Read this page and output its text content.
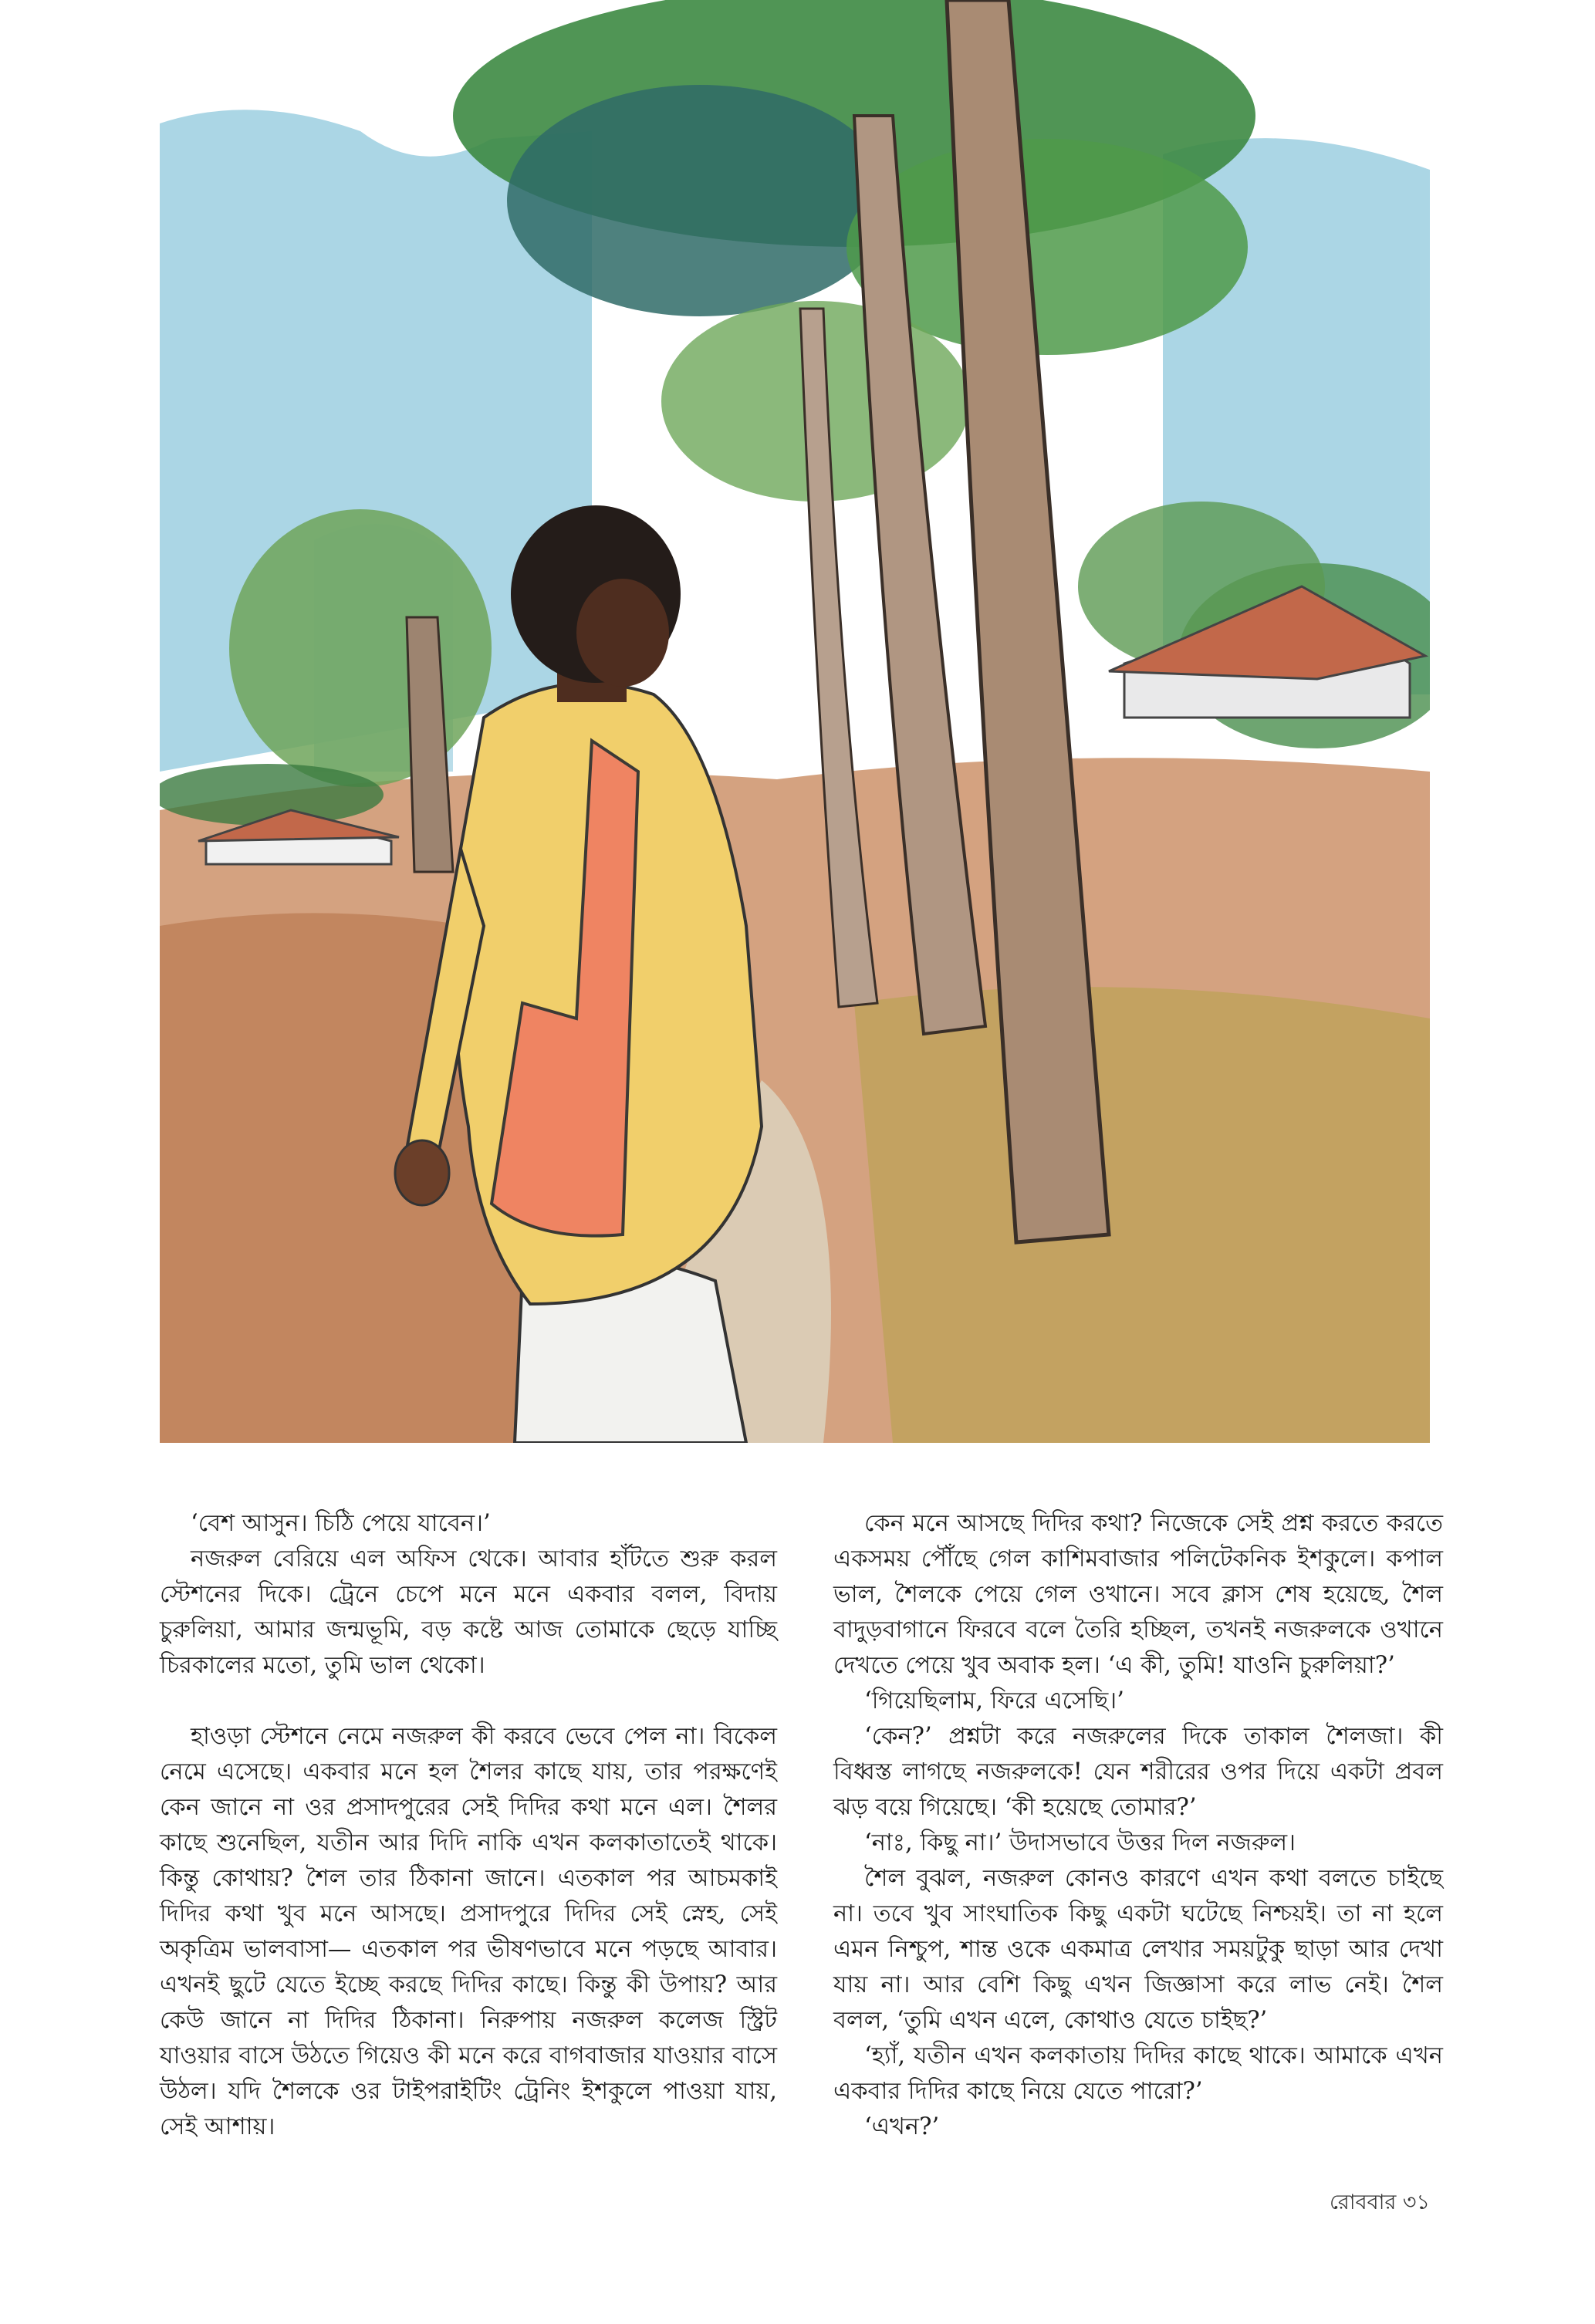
‘বেশ আসুন। চিঠি পেয়ে যাবেন।’

নজরুল বেরিয়ে এল অফিস থেকে। আবার হাঁটতে শুরু করল স্টেশনের দিকে। ট্রেনে চেপে মনে মনে একবার বলল, বিদায় চুরুলিয়া, আমার জন্মভূমি, বড় কষ্টে আজ তোমাকে ছেড়ে যাচ্ছি চিরকালের মতো, তুমি ভাল থেকো।

হাওড়া স্টেশনে নেমে নজরুল কী করবে ভেবে পেল না। বিকেল নেমে এসেছে। একবার মনে হল শৈলর কাছে যায়, তার পরক্ষণেই কেন জানে না ওর প্রসাদপুরের সেই দিদির কথা মনে এল। শৈলর কাছে শুনেছিল, যতীন আর দিদি নাকি এখন কলকাতাতেই থাকে। কিন্তু কোথায়? শৈল তার ঠিকানা জানে। এতকাল পর আচমকাই দিদির কথা খুব মনে আসছে। প্রসাদপুরে দিদির সেই স্নেহ, সেই অকৃত্রিম ভালবাসা— এতকাল পর ভীষণভাবে মনে পড়ছে আবার। এখনই ছুটে যেতে ইচ্ছে করছে দিদির কাছে। কিন্তু কী উপায়? আর কেউ জানে না দিদির ঠিকানা। নিরুপায় নজরুল কলেজ স্ট্রিট যাওয়ার বাসে উঠতে গিয়েও কী মনে করে বাগবাজার যাওয়ার বাসে উঠল। যদি শৈলকে ওর টাইপরাইটিং ট্রেনিং ইশকুলে পাওয়া যায়, সেই আশায়।

কেন মনে আসছে দিদির কথা? নিজেকে সেই প্রশ্ন করতে করতে একসময় পৌঁছে গেল কাশিমবাজার পলিটেকনিক ইশকুলে। কপাল ভাল, শৈলকে পেয়ে গেল ওখানে। সবে ক্লাস শেষ হয়েছে, শৈল বাদুড়বাগানে ফিরবে বলে তৈরি হচ্ছিল, তখনই নজরুলকে ওখানে দেখতে পেয়ে খুব অবাক হল। ‘এ কী, তুমি! যাওনি চুরুলিয়া?’

‘গিয়েছিলাম, ফিরে এসেছি।’

‘কেন?’ প্রশ্নটা করে নজরুলের দিকে তাকাল শৈলজা। কী বিধ্বস্ত লাগছে নজরুলকে! যেন শরীরের ওপর দিয়ে একটা প্রবল ঝড় বয়ে গিয়েছে। ‘কী হয়েছে তোমার?’

‘নাঃ, কিছু না।’ উদাসভাবে উত্তর দিল নজরুল।

শৈল বুঝল, নজরুল কোনও কারণে এখন কথা বলতে চাইছে না। তবে খুব সাংঘাতিক কিছু একটা ঘটেছে নিশ্চয়ই। তা না হলে এমন নিশ্চুপ, শান্ত ওকে একমাত্র লেখার সময়টুকু ছাড়া আর দেখা যায় না। আর বেশি কিছু এখন জিজ্ঞাসা করে লাভ নেই। শৈল বলল, ‘তুমি এখন এলে, কোথাও যেতে চাইছ?’

‘হ্যাঁ, যতীন এখন কলকাতায় দিদির কাছে থাকে। আমাকে এখন একবার দিদির কাছে নিয়ে যেতে পারো?’

‘এখন?’

রোববার ৩১
